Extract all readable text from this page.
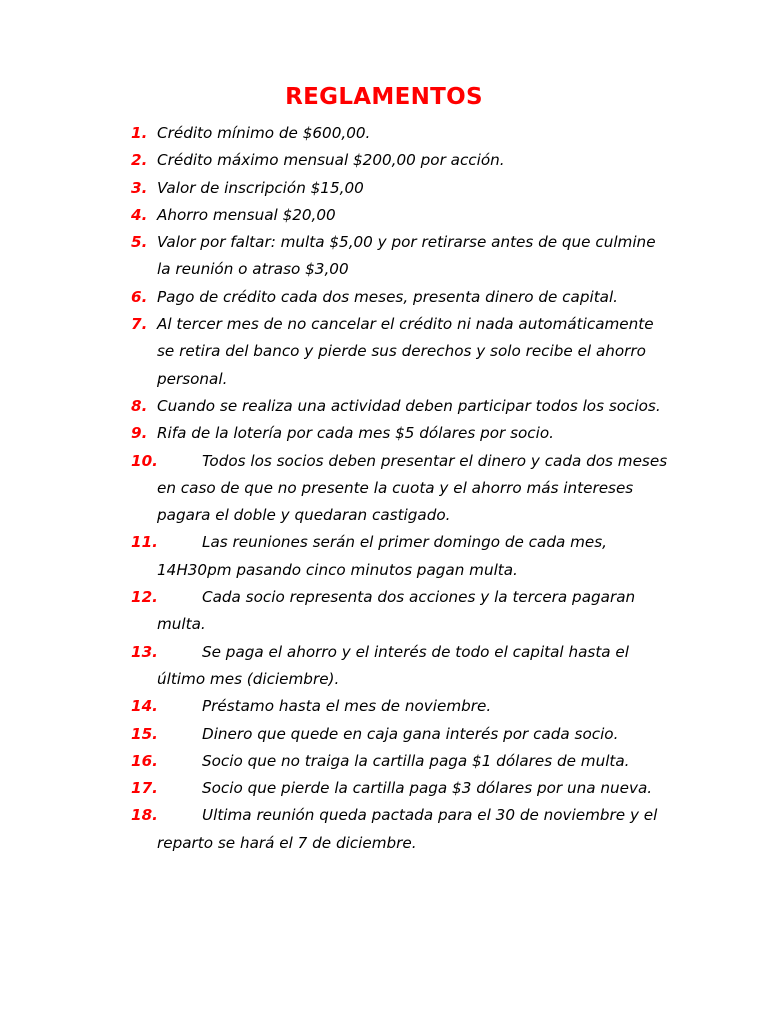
REGLAMENTOS
1. Crédito mínimo de $600,00.
2. Crédito máximo mensual $200,00 por acción.
3. Valor de inscripción $15,00
4. Ahorro mensual $20,00
5. Valor por faltar: multa $5,00 y por retirarse antes de que culmine la reunión o atraso $3,00
6. Pago de crédito cada dos meses, presenta dinero de capital.
7. Al tercer mes de no cancelar el crédito ni nada automáticamente se retira del banco y pierde sus derechos y solo recibe el ahorro personal.
8. Cuando se realiza una actividad deben participar todos los socios.
9. Rifa de la lotería por cada mes $5 dólares por socio.
10.	Todos los socios deben presentar el dinero y cada dos meses en caso de que no presente la cuota y el ahorro más intereses pagara el doble y quedaran castigado.
11.	Las reuniones serán el primer domingo de cada mes, 14H30pm pasando cinco minutos pagan multa.
12.	Cada socio representa dos acciones y la tercera pagaran multa.
13.	Se paga el ahorro y el interés de todo el capital hasta el último mes (diciembre).
14.	Préstamo hasta el mes de noviembre.
15.	Dinero que quede en caja gana interés por cada socio.
16.	Socio que no traiga la cartilla paga $1 dólares de multa.
17.	Socio que pierde la cartilla paga $3 dólares por una nueva.
18.	Ultima reunión queda pactada para el 30 de noviembre y el reparto se hará el 7 de diciembre.
